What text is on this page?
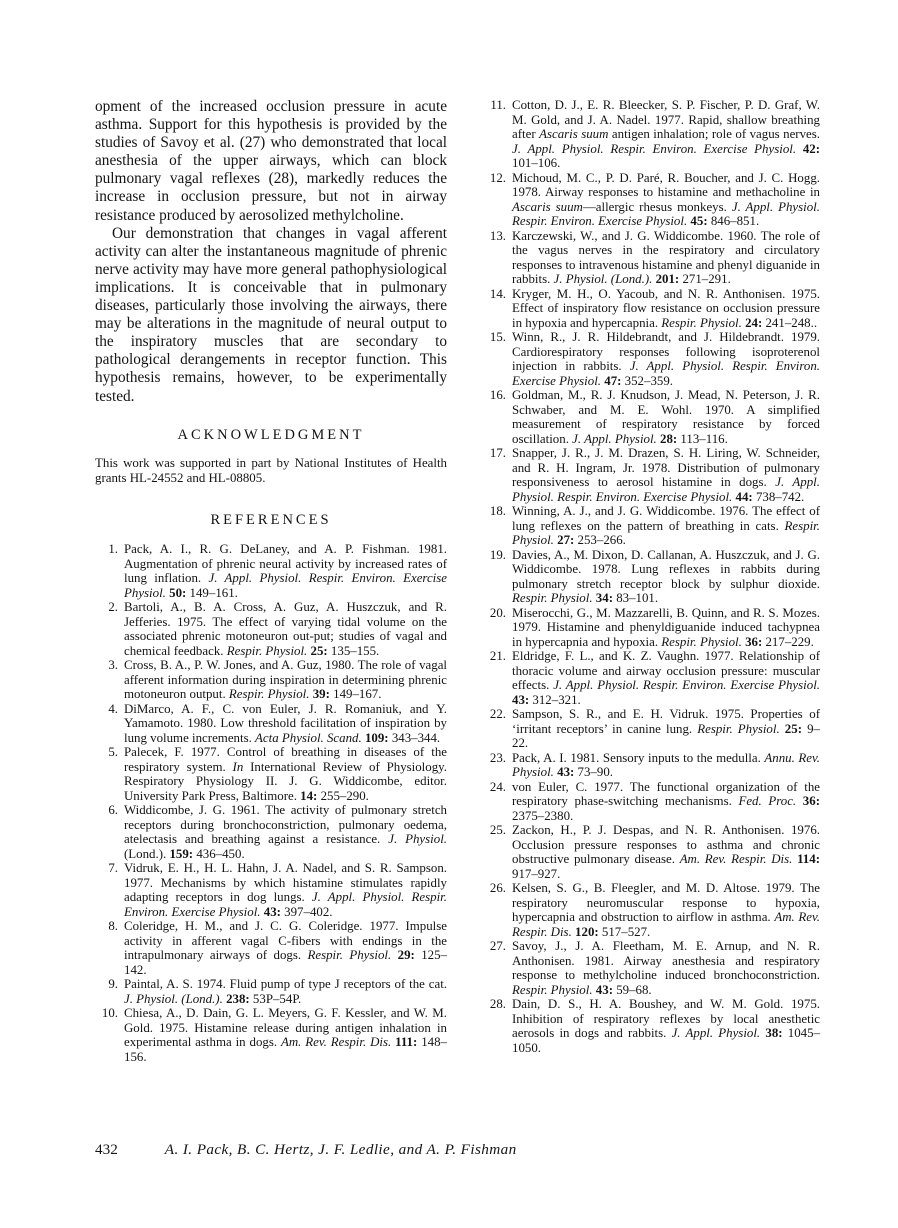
opment of the increased occlusion pressure in acute asthma. Support for this hypothesis is provided by the studies of Savoy et al. (27) who demonstrated that local anesthesia of the upper airways, which can block pulmonary vagal reflexes (28), markedly reduces the increase in occlusion pressure, but not in airway resistance produced by aerosolized methylcholine.

Our demonstration that changes in vagal afferent activity can alter the instantaneous magnitude of phrenic nerve activity may have more general pathophysiological implications. It is conceivable that in pulmonary diseases, particularly those involving the airways, there may be alterations in the magnitude of neural output to the inspiratory muscles that are secondary to pathological derangements in receptor function. This hypothesis remains, however, to be experimentally tested.

ACKNOWLEDGMENT

This work was supported in part by National Institutes of Health grants HL-24552 and HL-08805.

REFERENCES
1. Pack, A. I., R. G. DeLaney, and A. P. Fishman. 1981. Augmentation of phrenic neural activity by increased rates of lung inflation. J. Appl. Physiol. Respir. Environ. Exercise Physiol. 50: 149–161.
2. Bartoli, A., B. A. Cross, A. Guz, A. Huszczuk, and R. Jefferies. 1975. The effect of varying tidal volume on the associated phrenic motoneuron out-put; studies of vagal and chemical feedback. Respir. Physiol. 25: 135–155.
3. Cross, B. A., P. W. Jones, and A. Guz, 1980. The role of vagal afferent information during inspiration in determining phrenic motoneuron output. Respir. Physiol. 39: 149–167.
4. DiMarco, A. F., C. von Euler, J. R. Romaniuk, and Y. Yamamoto. 1980. Low threshold facilitation of inspiration by lung volume increments. Acta Physiol. Scand. 109: 343–344.
5. Palecek, F. 1977. Control of breathing in diseases of the respiratory system. In International Review of Physiology. Respiratory Physiology II. J. G. Widdicombe, editor. University Park Press, Baltimore. 14: 255–290.
6. Widdicombe, J. G. 1961. The activity of pulmonary stretch receptors during bronchoconstriction, pulmonary oedema, atelectasis and breathing against a resistance. J. Physiol. (Lond.). 159: 436–450.
7. Vidruk, E. H., H. L. Hahn, J. A. Nadel, and S. R. Sampson. 1977. Mechanisms by which histamine stimulates rapidly adapting receptors in dog lungs. J. Appl. Physiol. Respir. Environ. Exercise Physiol. 43: 397–402.
8. Coleridge, H. M., and J. C. G. Coleridge. 1977. Impulse activity in afferent vagal C-fibers with endings in the intrapulmonary airways of dogs. Respir. Physiol. 29: 125–142.
9. Paintal, A. S. 1974. Fluid pump of type J receptors of the cat. J. Physiol. (Lond.). 238: 53P–54P.
10. Chiesa, A., D. Dain, G. L. Meyers, G. F. Kessler, and W. M. Gold. 1975. Histamine release during antigen inhalation in experimental asthma in dogs. Am. Rev. Respir. Dis. 111: 148–156.
11. Cotton, D. J., E. R. Bleecker, S. P. Fischer, P. D. Graf, W. M. Gold, and J. A. Nadel. 1977. Rapid, shallow breathing after Ascaris suum antigen inhalation; role of vagus nerves. J. Appl. Physiol. Respir. Environ. Exercise Physiol. 42: 101–106.
12. Michoud, M. C., P. D. Paré, R. Boucher, and J. C. Hogg. 1978. Airway responses to histamine and methacholine in Ascaris suum—allergic rhesus monkeys. J. Appl. Physiol. Respir. Environ. Exercise Physiol. 45: 846–851.
13. Karczewski, W., and J. G. Widdicombe. 1960. The role of the vagus nerves in the respiratory and circulatory responses to intravenous histamine and phenyl diguanide in rabbits. J. Physiol. (Lond.). 201: 271–291.
14. Kryger, M. H., O. Yacoub, and N. R. Anthonisen. 1975. Effect of inspiratory flow resistance on occlusion pressure in hypoxia and hypercapnia. Respir. Physiol. 24: 241–248..
15. Winn, R., J. R. Hildebrandt, and J. Hildebrandt. 1979. Cardiorespiratory responses following isoproterenol injection in rabbits. J. Appl. Physiol. Respir. Environ. Exercise Physiol. 47: 352–359.
16. Goldman, M., R. J. Knudson, J. Mead, N. Peterson, J. R. Schwaber, and M. E. Wohl. 1970. A simplified measurement of respiratory resistance by forced oscillation. J. Appl. Physiol. 28: 113–116.
17. Snapper, J. R., J. M. Drazen, S. H. Liring, W. Schneider, and R. H. Ingram, Jr. 1978. Distribution of pulmonary responsiveness to aerosol histamine in dogs. J. Appl. Physiol. Respir. Environ. Exercise Physiol. 44: 738–742.
18. Winning, A. J., and J. G. Widdicombe. 1976. The effect of lung reflexes on the pattern of breathing in cats. Respir. Physiol. 27: 253–266.
19. Davies, A., M. Dixon, D. Callanan, A. Huszczuk, and J. G. Widdicombe. 1978. Lung reflexes in rabbits during pulmonary stretch receptor block by sulphur dioxide. Respir. Physiol. 34: 83–101.
20. Miserocchi, G., M. Mazzarelli, B. Quinn, and R. S. Mozes. 1979. Histamine and phenyldiguanide induced tachypnea in hypercapnia and hypoxia. Respir. Physiol. 36: 217–229.
21. Eldridge, F. L., and K. Z. Vaughn. 1977. Relationship of thoracic volume and airway occlusion pressure: muscular effects. J. Appl. Physiol. Respir. Environ. Exercise Physiol. 43: 312–321.
22. Sampson, S. R., and E. H. Vidruk. 1975. Properties of ‘irritant receptors’ in canine lung. Respir. Physiol. 25: 9–22.
23. Pack, A. I. 1981. Sensory inputs to the medulla. Annu. Rev. Physiol. 43: 73–90.
24. von Euler, C. 1977. The functional organization of the respiratory phase-switching mechanisms. Fed. Proc. 36: 2375–2380.
25. Zackon, H., P. J. Despas, and N. R. Anthonisen. 1976. Occlusion pressure responses to asthma and chronic obstructive pulmonary disease. Am. Rev. Respir. Dis. 114: 917–927.
26. Kelsen, S. G., B. Fleegler, and M. D. Altose. 1979. The respiratory neuromuscular response to hypoxia, hypercapnia and obstruction to airflow in asthma. Am. Rev. Respir. Dis. 120: 517–527.
27. Savoy, J., J. A. Fleetham, M. E. Arnup, and N. R. Anthonisen. 1981. Airway anesthesia and respiratory response to methylcholine induced bronchoconstriction. Respir. Physiol. 43: 59–68.
28. Dain, D. S., H. A. Boushey, and W. M. Gold. 1975. Inhibition of respiratory reflexes by local anesthetic aerosols in dogs and rabbits. J. Appl. Physiol. 38: 1045–1050.
432	A. I. Pack, B. C. Hertz, J. F. Ledlie, and A. P. Fishman
